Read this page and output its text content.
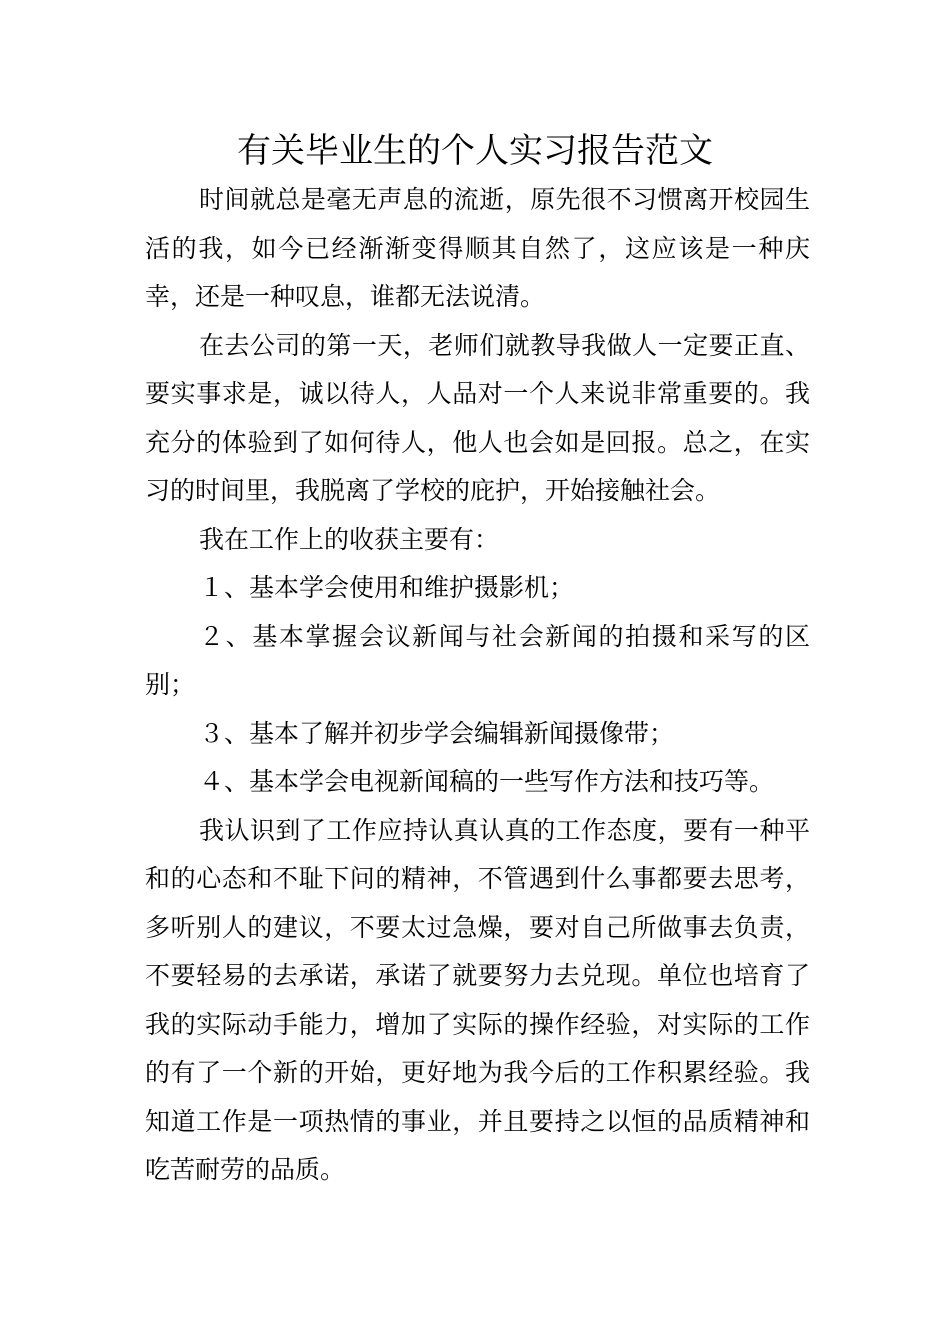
有关毕业生的个人实习报告范文

时间就总是毫无声息的流逝，原先很不习惯离开校园生活的我，如今已经渐渐变得顺其自然了，这应该是一种庆幸，还是一种叹息，谁都无法说清。

在去公司的第一天，老师们就教导我做人一定要正直、要实事求是，诚以待人，人品对一个人来说非常重要的。我充分的体验到了如何待人，他人也会如是回报。总之，在实习的时间里，我脱离了学校的庇护，开始接触社会。

我在工作上的收获主要有：

１、基本学会使用和维护摄影机；

２、基本掌握会议新闻与社会新闻的拍摄和采写的区别；

３、基本了解并初步学会编辑新闻摄像带；

４、基本学会电视新闻稿的一些写作方法和技巧等。

我认识到了工作应持认真认真的工作态度，要有一种平和的心态和不耻下问的精神，不管遇到什么事都要去思考，多听别人的建议，不要太过急燥，要对自己所做事去负责，不要轻易的去承诺，承诺了就要努力去兑现。单位也培育了我的实际动手能力，增加了实际的操作经验，对实际的工作的有了一个新的开始，更好地为我今后的工作积累经验。我知道工作是一项热情的事业，并且要持之以恒的品质精神和吃苦耐劳的品质。
